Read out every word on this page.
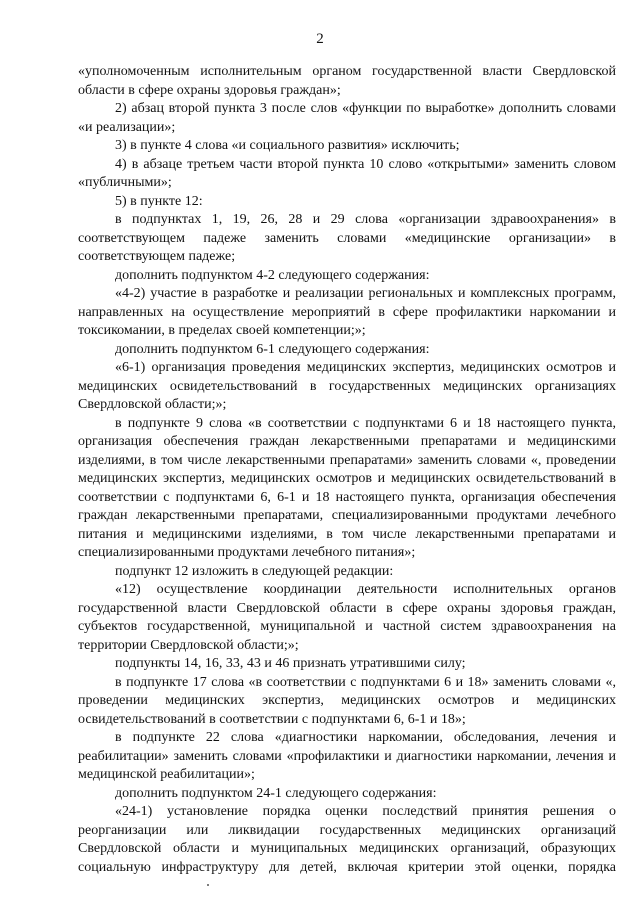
2

«уполномоченным исполнительным органом государственной власти Свердловской области в сфере охраны здоровья граждан»;

2) абзац второй пункта 3 после слов «функции по выработке» дополнить словами «и реализации»;

3) в пункте 4 слова «и социального развития» исключить;

4) в абзаце третьем части второй пункта 10 слово «открытыми» заменить словом «публичными»;

5) в пункте 12:

в подпунктах 1, 19, 26, 28 и 29 слова «организации здравоохранения» в соответствующем падеже заменить словами «медицинские организации» в соответствующем падеже;

дополнить подпунктом 4-2 следующего содержания:

«4-2) участие в разработке и реализации региональных и комплексных программ, направленных на осуществление мероприятий в сфере профилактики наркомании и токсикомании, в пределах своей компетенции;»;

дополнить подпунктом 6-1 следующего содержания:

«6-1) организация проведения медицинских экспертиз, медицинских осмотров и медицинских освидетельствований в государственных медицинских организациях Свердловской области;»;

в подпункте 9 слова «в соответствии с подпунктами 6 и 18 настоящего пункта, организация обеспечения граждан лекарственными препаратами и медицинскими изделиями, в том числе лекарственными препаратами» заменить словами «, проведении медицинских экспертиз, медицинских осмотров и медицинских освидетельствований в соответствии с подпунктами 6, 6-1 и 18 настоящего пункта, организация обеспечения граждан лекарственными препаратами, специализированными продуктами лечебного питания и медицинскими изделиями, в том числе лекарственными препаратами и специализированными продуктами лечебного питания»;

подпункт 12 изложить в следующей редакции:

«12) осуществление координации деятельности исполнительных органов государственной власти Свердловской области в сфере охраны здоровья граждан, субъектов государственной, муниципальной и частной систем здравоохранения на территории Свердловской области;»;

подпункты 14, 16, 33, 43 и 46 признать утратившими силу;

в подпункте 17 слова «в соответствии с подпунктами 6 и 18» заменить словами «, проведении медицинских экспертиз, медицинских осмотров и медицинских освидетельствований в соответствии с подпунктами 6, 6-1 и 18»;

в подпункте 22 слова «диагностики наркомании, обследования, лечения и реабилитации» заменить словами «профилактики и диагностики наркомании, лечения и медицинской реабилитации»;

дополнить подпунктом 24-1 следующего содержания:

«24-1) установление порядка оценки последствий принятия решения о реорганизации или ликвидации государственных медицинских организаций Свердловской области и муниципальных медицинских организаций, образующих социальную инфраструктуру для детей, включая критерии этой оценки, порядка
